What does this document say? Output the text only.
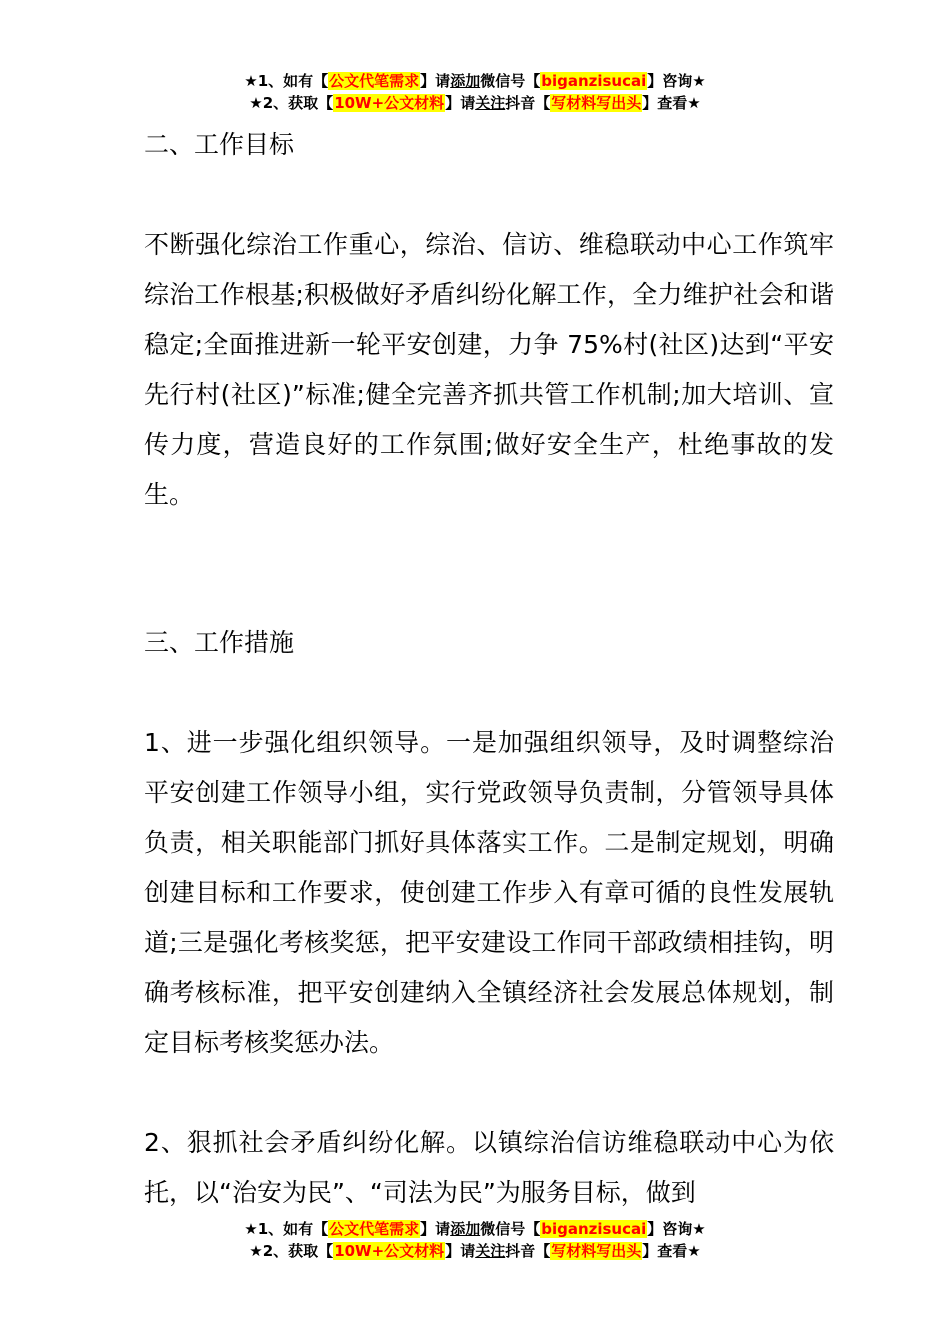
★1、如有【公文代笔需求】请添加微信号【biganzisucai】咨询★
★2、获取【10W+公文材料】请关注抖音【写材料写出头】查看★

二、工作目标

不断强化综治工作重心，综治、信访、维稳联动中心工作筑牢综治工作根基;积极做好矛盾纠纷化解工作，全力维护社会和谐稳定;全面推进新一轮平安创建，力争 75%村(社区)达到“平安先行村(社区)”标准;健全完善齐抓共管工作机制;加大培训、宣传力度，营造良好的工作氛围;做好安全生产，杜绝事故的发生。

三、工作措施

1、进一步强化组织领导。一是加强组织领导，及时调整综治平安创建工作领导小组，实行党政领导负责制，分管领导具体负责，相关职能部门抓好具体落实工作。二是制定规划，明确创建目标和工作要求，使创建工作步入有章可循的良性发展轨道;三是强化考核奖惩，把平安建设工作同干部政绩相挂钩，明确考核标准，把平安创建纳入全镇经济社会发展总体规划，制定目标考核奖惩办法。

2、狠抓社会矛盾纠纷化解。以镇综治信访维稳联动中心为依托，以“治安为民”、“司法为民”为服务目标，做到

★1、如有【公文代笔需求】请添加微信号【biganzisucai】咨询★
★2、获取【10W+公文材料】请关注抖音【写材料写出头】查看★
